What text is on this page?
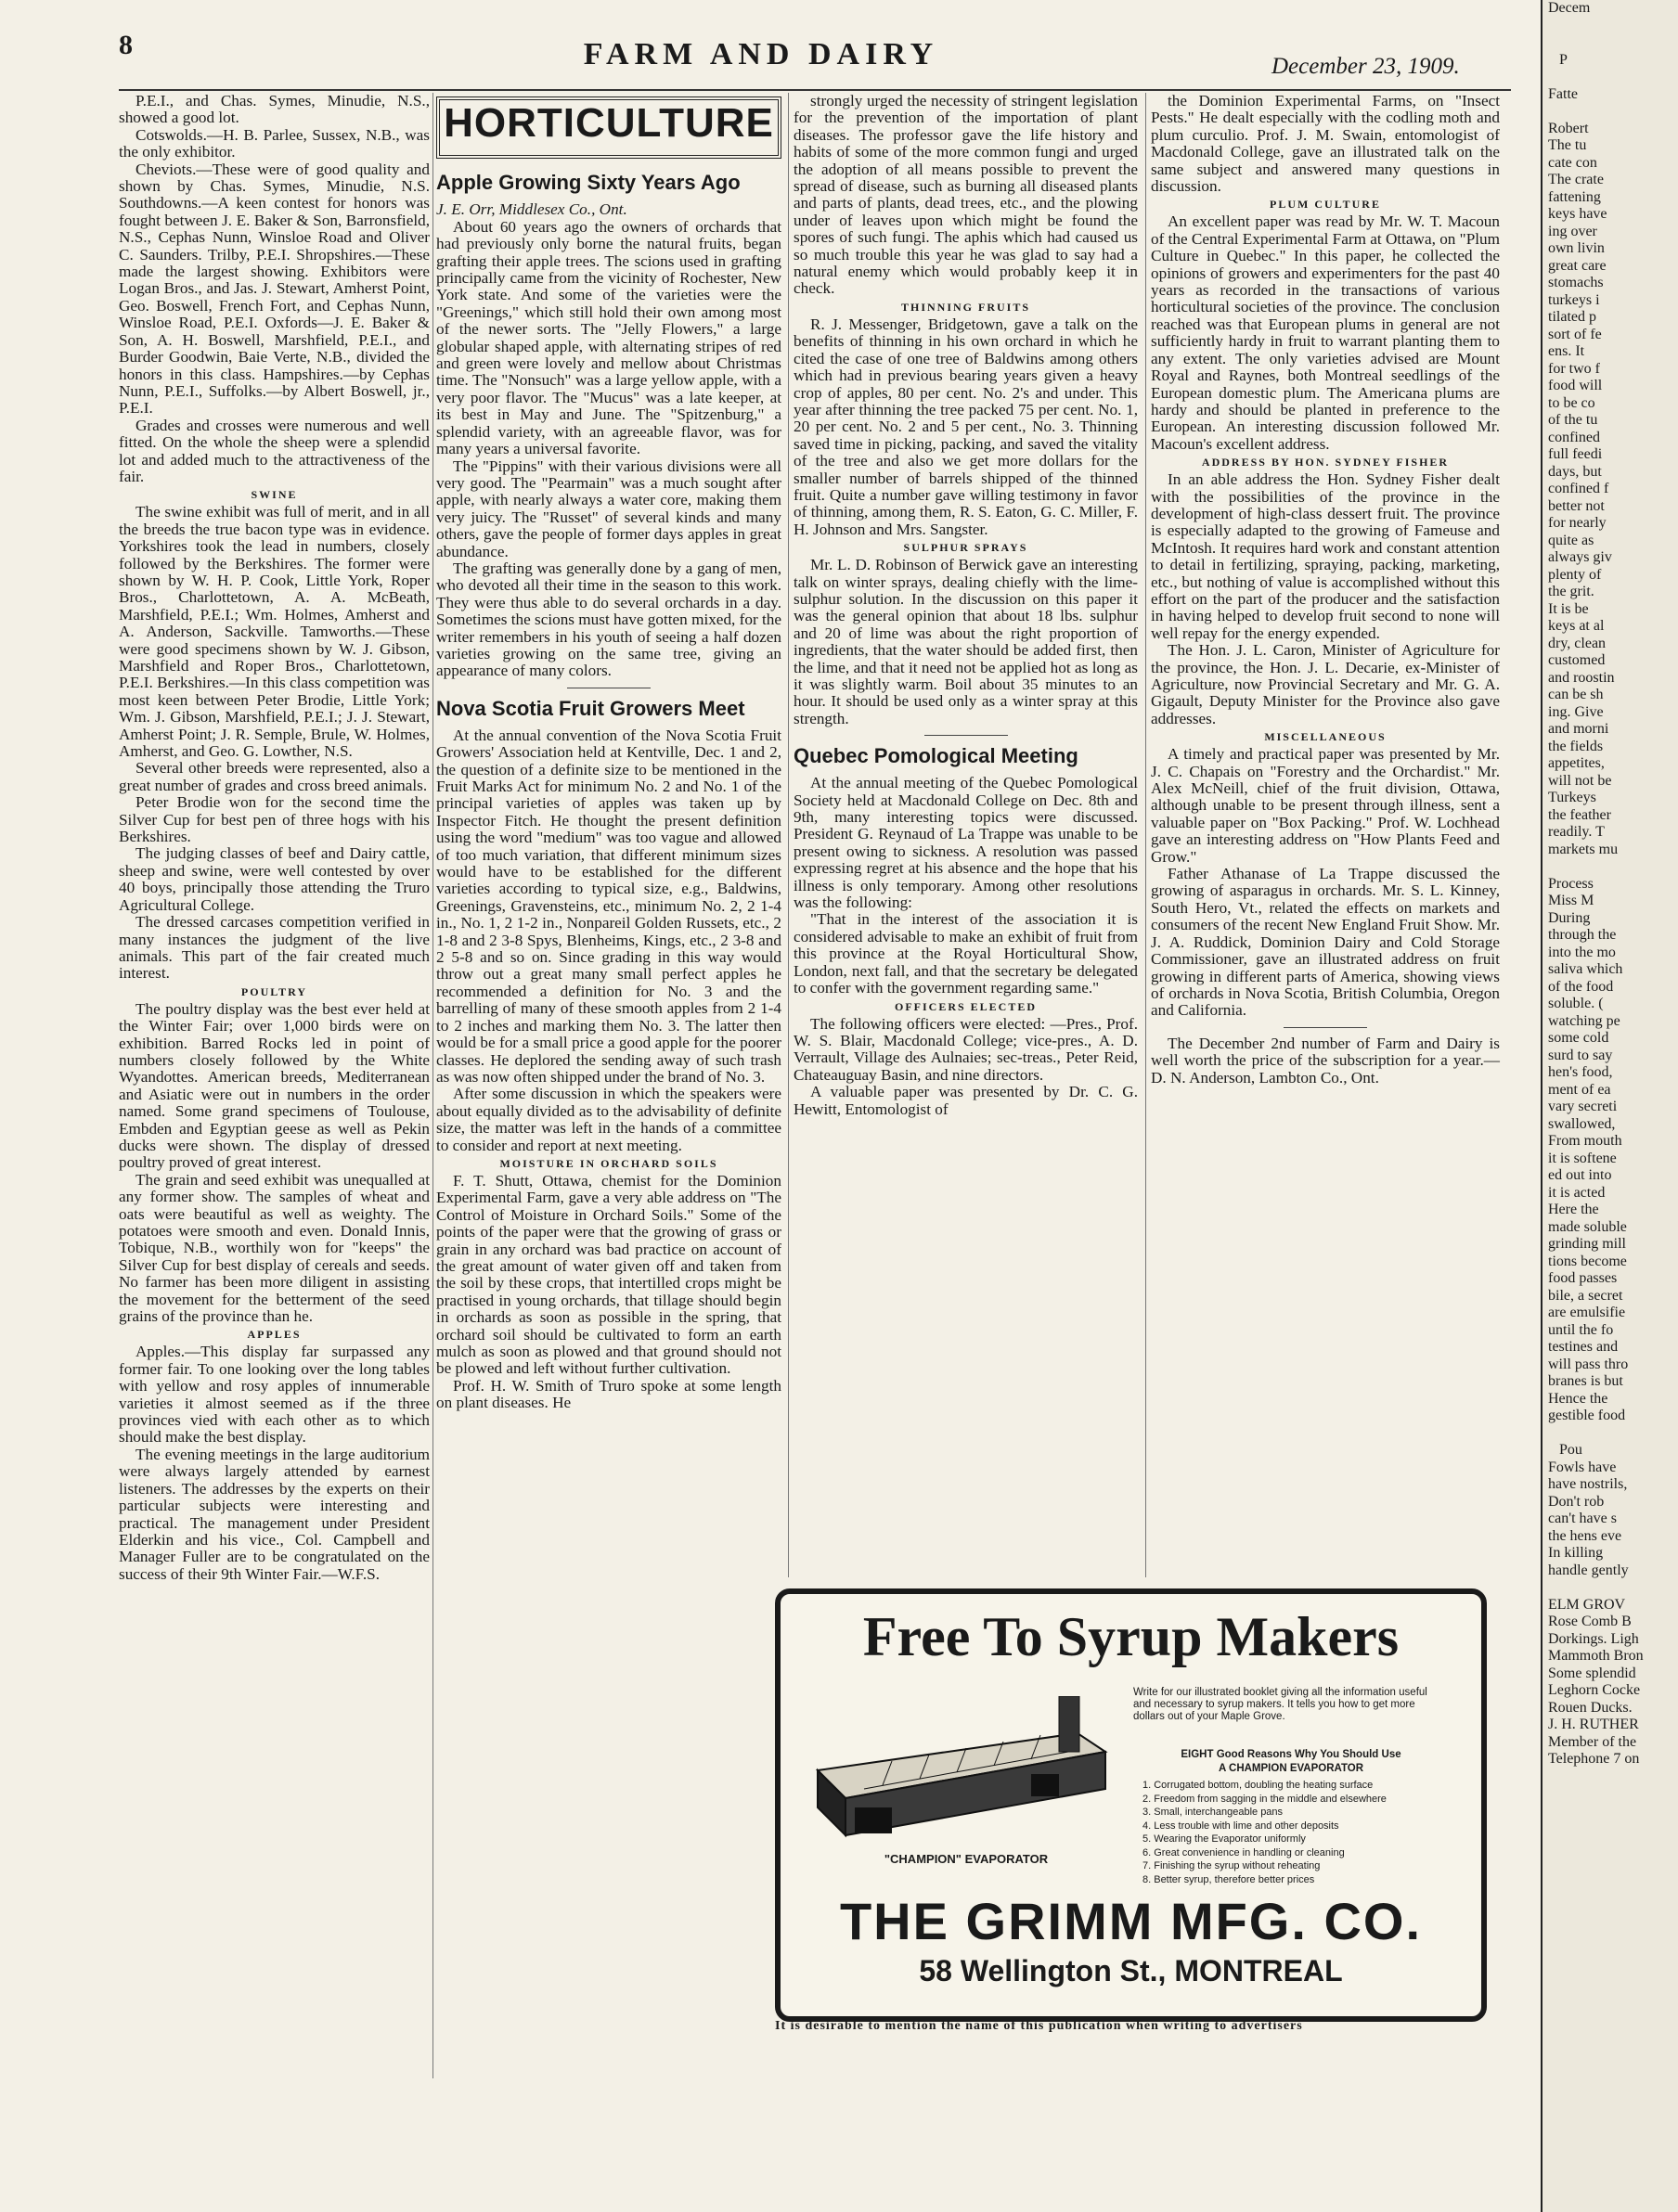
8	FARM AND DAIRY	December 23, 1909.

P.E.I., and Chas. Symes, Minudie, N.S., showed a good lot.

Cotswolds.—H. B. Parlee, Sussex, N.B., was the only exhibitor.

Cheviots.—These were of good quality and shown by Chas. Symes, Minudie, N.S. Southdowns.—A keen contest for honors was fought between J. E. Baker & Son, Barronsfield, N.S., Cephas Nunn, Winsloe Road and Oliver C. Saunders. Trilby, P.E.I. Shropshires.—These made the largest showing. Exhibitors were Logan Bros., and Jas. J. Stewart, Amherst Point, Geo. Boswell, French Fort, and Cephas Nunn, Winsloe Road, P.E.I. Oxfords—J. E. Baker & Son, A. H. Boswell, Marshfield, P.E.I., and Burder Goodwin, Baie Verte, N.B., divided the honors in this class. Hampshires.—by Cephas Nunn, P.E.I., Suffolks.—by Albert Boswell, jr., P.E.I.

Grades and crosses were numerous and well fitted. On the whole the sheep were a splendid lot and added much to the attractiveness of the fair.

SWINE

The swine exhibit was full of merit, and in all the breeds the true bacon type was in evidence. Yorkshires took the lead in numbers, closely followed by the Berkshires. The former were shown by W. H. P. Cook, Little York, Roper Bros., Charlottetown, A. A. McBeath, Marshfield, P.E.I.; Wm. Holmes, Amherst and A. Anderson, Sackville. Tamworths.—These were good specimens shown by W. J. Gibson, Marshfield and Roper Bros., Charlottetown, P.E.I. Berkshires.—In this class competition was most keen between Peter Brodie, Little York; Wm. J. Gibson, Marshfield, P.E.I.; J. J. Stewart, Amherst Point; J. R. Semple, Brule, W. Holmes, Amherst, and Geo. G. Lowther, N.S.

Several other breeds were represented, also a great number of grades and cross breed animals.

Peter Brodie won for the second time the Silver Cup for best pen of three hogs with his Berkshires.

The judging classes of beef and Dairy cattle, sheep and swine, were well contested by over 40 boys, principally those attending the Truro Agricultural College.

The dressed carcases competition verified in many instances the judgment of the live animals. This part of the fair created much interest.

POULTRY

The poultry display was the best ever held at the Winter Fair; over 1,000 birds were on exhibition. Barred Rocks led in point of numbers closely followed by the White Wyandottes. American breeds, Mediterranean and Asiatic were out in numbers in the order named. Some grand specimens of Toulouse, Embden and Egyptian geese as well as Pekin ducks were shown. The display of dressed poultry proved of great interest.

The grain and seed exhibit was unequalled at any former show. The samples of wheat and oats were beautiful as well as weighty. The potatoes were smooth and even. Donald Innis, Tobique, N.B., worthily won for "keeps" the Silver Cup for best display of cereals and seeds. No farmer has been more diligent in assisting the movement for the betterment of the seed grains of the province than he.

APPLES

Apples.—This display far surpassed any former fair. To one looking over the long tables with yellow and rosy apples of innumerable varieties it almost seemed as if the three provinces vied with each other as to which should make the best display.

The evening meetings in the large auditorium were always largely attended by earnest listeners. The addresses by the experts on their particular subjects were interesting and practical. The management under President Elderkin and his vice., Col. Campbell and Manager Fuller are to be congratulated on the success of their 9th Winter Fair.—W.F.S.

HORTICULTURE

Apple Growing Sixty Years Ago

J. E. Orr, Middlesex Co., Ont.

About 60 years ago the owners of orchards that had previously only borne the natural fruits, began grafting their apple trees. The scions used in grafting principally came from the vicinity of Rochester, New York state. And some of the varieties were the "Greenings," which still hold their own among most of the newer sorts. The "Jelly Flowers," a large globular shaped apple, with alternating stripes of red and green were lovely and mellow about Christmas time. The "Nonsuch" was a large yellow apple, with a very poor flavor. The "Mucus" was a late keeper, at its best in May and June. The "Spitzenburg," a splendid variety, with an agreeable flavor, was for many years a universal favorite.

The "Pippins" with their various divisions were all very good. The "Pearmain" was a much sought after apple, with nearly always a water core, making them very juicy. The "Russet" of several kinds and many others, gave the people of former days apples in great abundance.

The grafting was generally done by a gang of men, who devoted all their time in the season to this work. They were thus able to do several orchards in a day. Sometimes the scions must have gotten mixed, for the writer remembers in his youth of seeing a half dozen varieties growing on the same tree, giving an appearance of many colors.

Nova Scotia Fruit Growers Meet

At the annual convention of the Nova Scotia Fruit Growers' Association held at Kentville, Dec. 1 and 2, the question of a definite size to be mentioned in the Fruit Marks Act for minimum No. 2 and No. 1 of the principal varieties of apples was taken up by Inspector Fitch. He thought the present definition using the word "medium" was too vague and allowed of too much variation, that different minimum sizes would have to be established for the different varieties according to typical size, e.g., Baldwins, Greenings, Gravensteins, etc., minimum No. 2, 2 1-4 in., No. 1, 2 1-2 in., Nonpareil Golden Russets, etc., 2 1-8 and 2 3-8 Spys, Blenheims, Kings, etc., 2 3-8 and 2 5-8 and so on. Since grading in this way would throw out a great many small perfect apples he recommended a definition for No. 3 and the barrelling of many of these smooth apples from 2 1-4 to 2 inches and marking them No. 3. The latter then would be for a small price a good apple for the poorer classes. He deplored the sending away of such trash as was now often shipped under the brand of No. 3.

After some discussion in which the speakers were about equally divided as to the advisability of definite size, the matter was left in the hands of a committee to consider and report at next meeting.

MOISTURE IN ORCHARD SOILS

F. T. Shutt, Ottawa, chemist for the Dominion Experimental Farm, gave a very able address on "The Control of Moisture in Orchard Soils." Some of the points of the paper were that the growing of grass or grain in any orchard was bad practice on account of the great amount of water given off and taken from the soil by these crops, that intertilled crops might be practised in young orchards, that tillage should begin in orchards as soon as possible in the spring, that orchard soil should be cultivated to form an earth mulch as soon as plowed and that ground should not be plowed and left without further cultivation.

Prof. H. W. Smith of Truro spoke at some length on plant diseases. He

strongly urged the necessity of stringent legislation for the prevention of the importation of plant diseases. The professor gave the life history and habits of some of the more common fungi and urged the adoption of all means possible to prevent the spread of disease, such as burning all diseased plants and parts of plants, dead trees, etc., and the plowing under of leaves upon which might be found the spores of such fungi. The aphis which had caused us so much trouble this year he was glad to say had a natural enemy which would probably keep it in check.

THINNING FRUITS

R. J. Messenger, Bridgetown, gave a talk on the benefits of thinning in his own orchard in which he cited the case of one tree of Baldwins among others which had in previous bearing years given a heavy crop of apples, 80 per cent. No. 2's and under. This year after thinning the tree packed 75 per cent. No. 1, 20 per cent. No. 2 and 5 per cent., No. 3. Thinning saved time in picking, packing, and saved the vitality of the tree and also we get more dollars for the smaller number of barrels shipped of the thinned fruit. Quite a number gave willing testimony in favor of thinning, among them, R. S. Eaton, G. C. Miller, F. H. Johnson and Mrs. Sangster.

SULPHUR SPRAYS

Mr. L. D. Robinson of Berwick gave an interesting talk on winter sprays, dealing chiefly with the lime-sulphur solution. In the discussion on this paper it was the general opinion that about 18 lbs. sulphur and 20 of lime was about the right proportion of ingredients, that the water should be added first, then the lime, and that it need not be applied hot as long as it was slightly warm. Boil about 35 minutes to an hour. It should be used only as a winter spray at this strength.

Quebec Pomological Meeting

At the annual meeting of the Quebec Pomological Society held at Macdonald College on Dec. 8th and 9th, many interesting topics were discussed. President G. Reynaud of La Trappe was unable to be present owing to sickness. A resolution was passed expressing regret at his absence and the hope that his illness is only temporary. Among other resolutions was the following:

"That in the interest of the association it is considered advisable to make an exhibit of fruit from this province at the Royal Horticultural Show, London, next fall, and that the secretary be delegated to confer with the government regarding same."

OFFICERS ELECTED

The following officers were elected: —Pres., Prof. W. S. Blair, Macdonald College; vice-pres., A. D. Verrault, Village des Aulnaies; sec-treas., Peter Reid, Chateauguay Basin, and nine directors.

A valuable paper was presented by Dr. C. G. Hewitt, Entomologist of

the Dominion Experimental Farms, on "Insect Pests." He dealt especially with the codling moth and plum curculio. Prof. J. M. Swain, entomologist of Macdonald College, gave an illustrated talk on the same subject and answered many questions in discussion.

PLUM CULTURE

An excellent paper was read by Mr. W. T. Macoun of the Central Experimental Farm at Ottawa, on "Plum Culture in Quebec." In this paper, he collected the opinions of growers and experimenters for the past 40 years as recorded in the transactions of various horticultural societies of the province. The conclusion reached was that European plums in general are not sufficiently hardy in fruit to warrant planting them to any extent. The only varieties advised are Mount Royal and Raynes, both Montreal seedlings of the European domestic plum. The Americana plums are hardy and should be planted in preference to the European. An interesting discussion followed Mr. Macoun's excellent address.

ADDRESS BY HON. SYDNEY FISHER

In an able address the Hon. Sydney Fisher dealt with the possibilities of the province in the development of high-class dessert fruit. The province is especially adapted to the growing of Fameuse and McIntosh. It requires hard work and constant attention to detail in fertilizing, spraying, packing, marketing, etc., but nothing of value is accomplished without this effort on the part of the producer and the satisfaction in having helped to develop fruit second to none will well repay for the energy expended.

The Hon. J. L. Caron, Minister of Agriculture for the province, the Hon. J. L. Decarie, ex-Minister of Agriculture, now Provincial Secretary and Mr. G. A. Gigault, Deputy Minister for the Province also gave addresses.

MISCELLANEOUS

A timely and practical paper was presented by Mr. J. C. Chapais on "Forestry and the Orchardist." Mr. Alex McNeill, chief of the fruit division, Ottawa, although unable to be present through illness, sent a valuable paper on "Box Packing." Prof. W. Lochhead gave an interesting address on "How Plants Feed and Grow."

Father Athanase of La Trappe discussed the growing of asparagus in orchards. Mr. S. L. Kinney, South Hero, Vt., related the effects on markets and consumers of the recent New England Fruit Show. Mr. J. A. Ruddick, Dominion Dairy and Cold Storage Commissioner, gave an illustrated address on fruit growing in different parts of America, showing views of orchards in Nova Scotia, British Columbia, Oregon and California.

The December 2nd number of Farm and Dairy is well worth the price of the subscription for a year.—D. N. Anderson, Lambton Co., Ont.

Free To Syrup Makers
Write for our illustrated booklet giving all the information useful and necessary to syrup makers. It tells you how to get more dollars out of your Maple Grove.
EIGHT Good Reasons Why You Should Use
A CHAMPION EVAPORATOR
1. Corrugated bottom, doubling the heating surface
2. Freedom from sagging in the middle and elsewhere
3. Small, interchangeable pans
4. Less trouble with lime and other deposits
5. Wearing the Evaporator uniformly
6. Great convenience in handling or cleaning
7. Finishing the syrup without reheating
8. Better syrup, therefore better prices
"CHAMPION" EVAPORATOR
THE GRIMM MFG. CO.
58 Wellington St., MONTREAL
It is desirable to mention the name of this publication when writing to advertisers
Decem

P

Fatte

Robert
The tu
cate con
The crate
fattening
keys have
ing over
own livin
great care
stomachs
turkeys i
tilated p
sort of fe
ens. It
for two f
food will
to be co
of the tu
confined
full feedi
days, but
confined f
better not
for nearly
quite as
always giv
plenty of
the grit.
It is be
keys at al
dry, clean
customed
and roostin
can be sh
ing. Give
and morni
the fields
appetites,
will not be
Turkeys
the feather
readily. T
markets mu

Process
Miss M
During
through the
into the mo
saliva which
of the food
soluble. (
watching pe
some cold
surd to say
hen's food,
ment of ea
vary secreti
swallowed,
From mouth
it is softene
ed out into
it is acted
Here the
made soluble
grinding mill
tions become
food passes
bile, a secret
are emulsifie
until the fo
testines and
will pass thro
branes is but
Hence the
gestible food

Pou
Fowls have
have nostrils,
Don't rob
can't have s
the hens eve
In killing
handle gently

ELM GROV
Rose Comb B
Dorkings. Ligh
Mammoth Bron
Some splendid
Leghorn Cocke
Rouen Ducks.
J. H. RUTHER
Member of the
Telephone 7 on
